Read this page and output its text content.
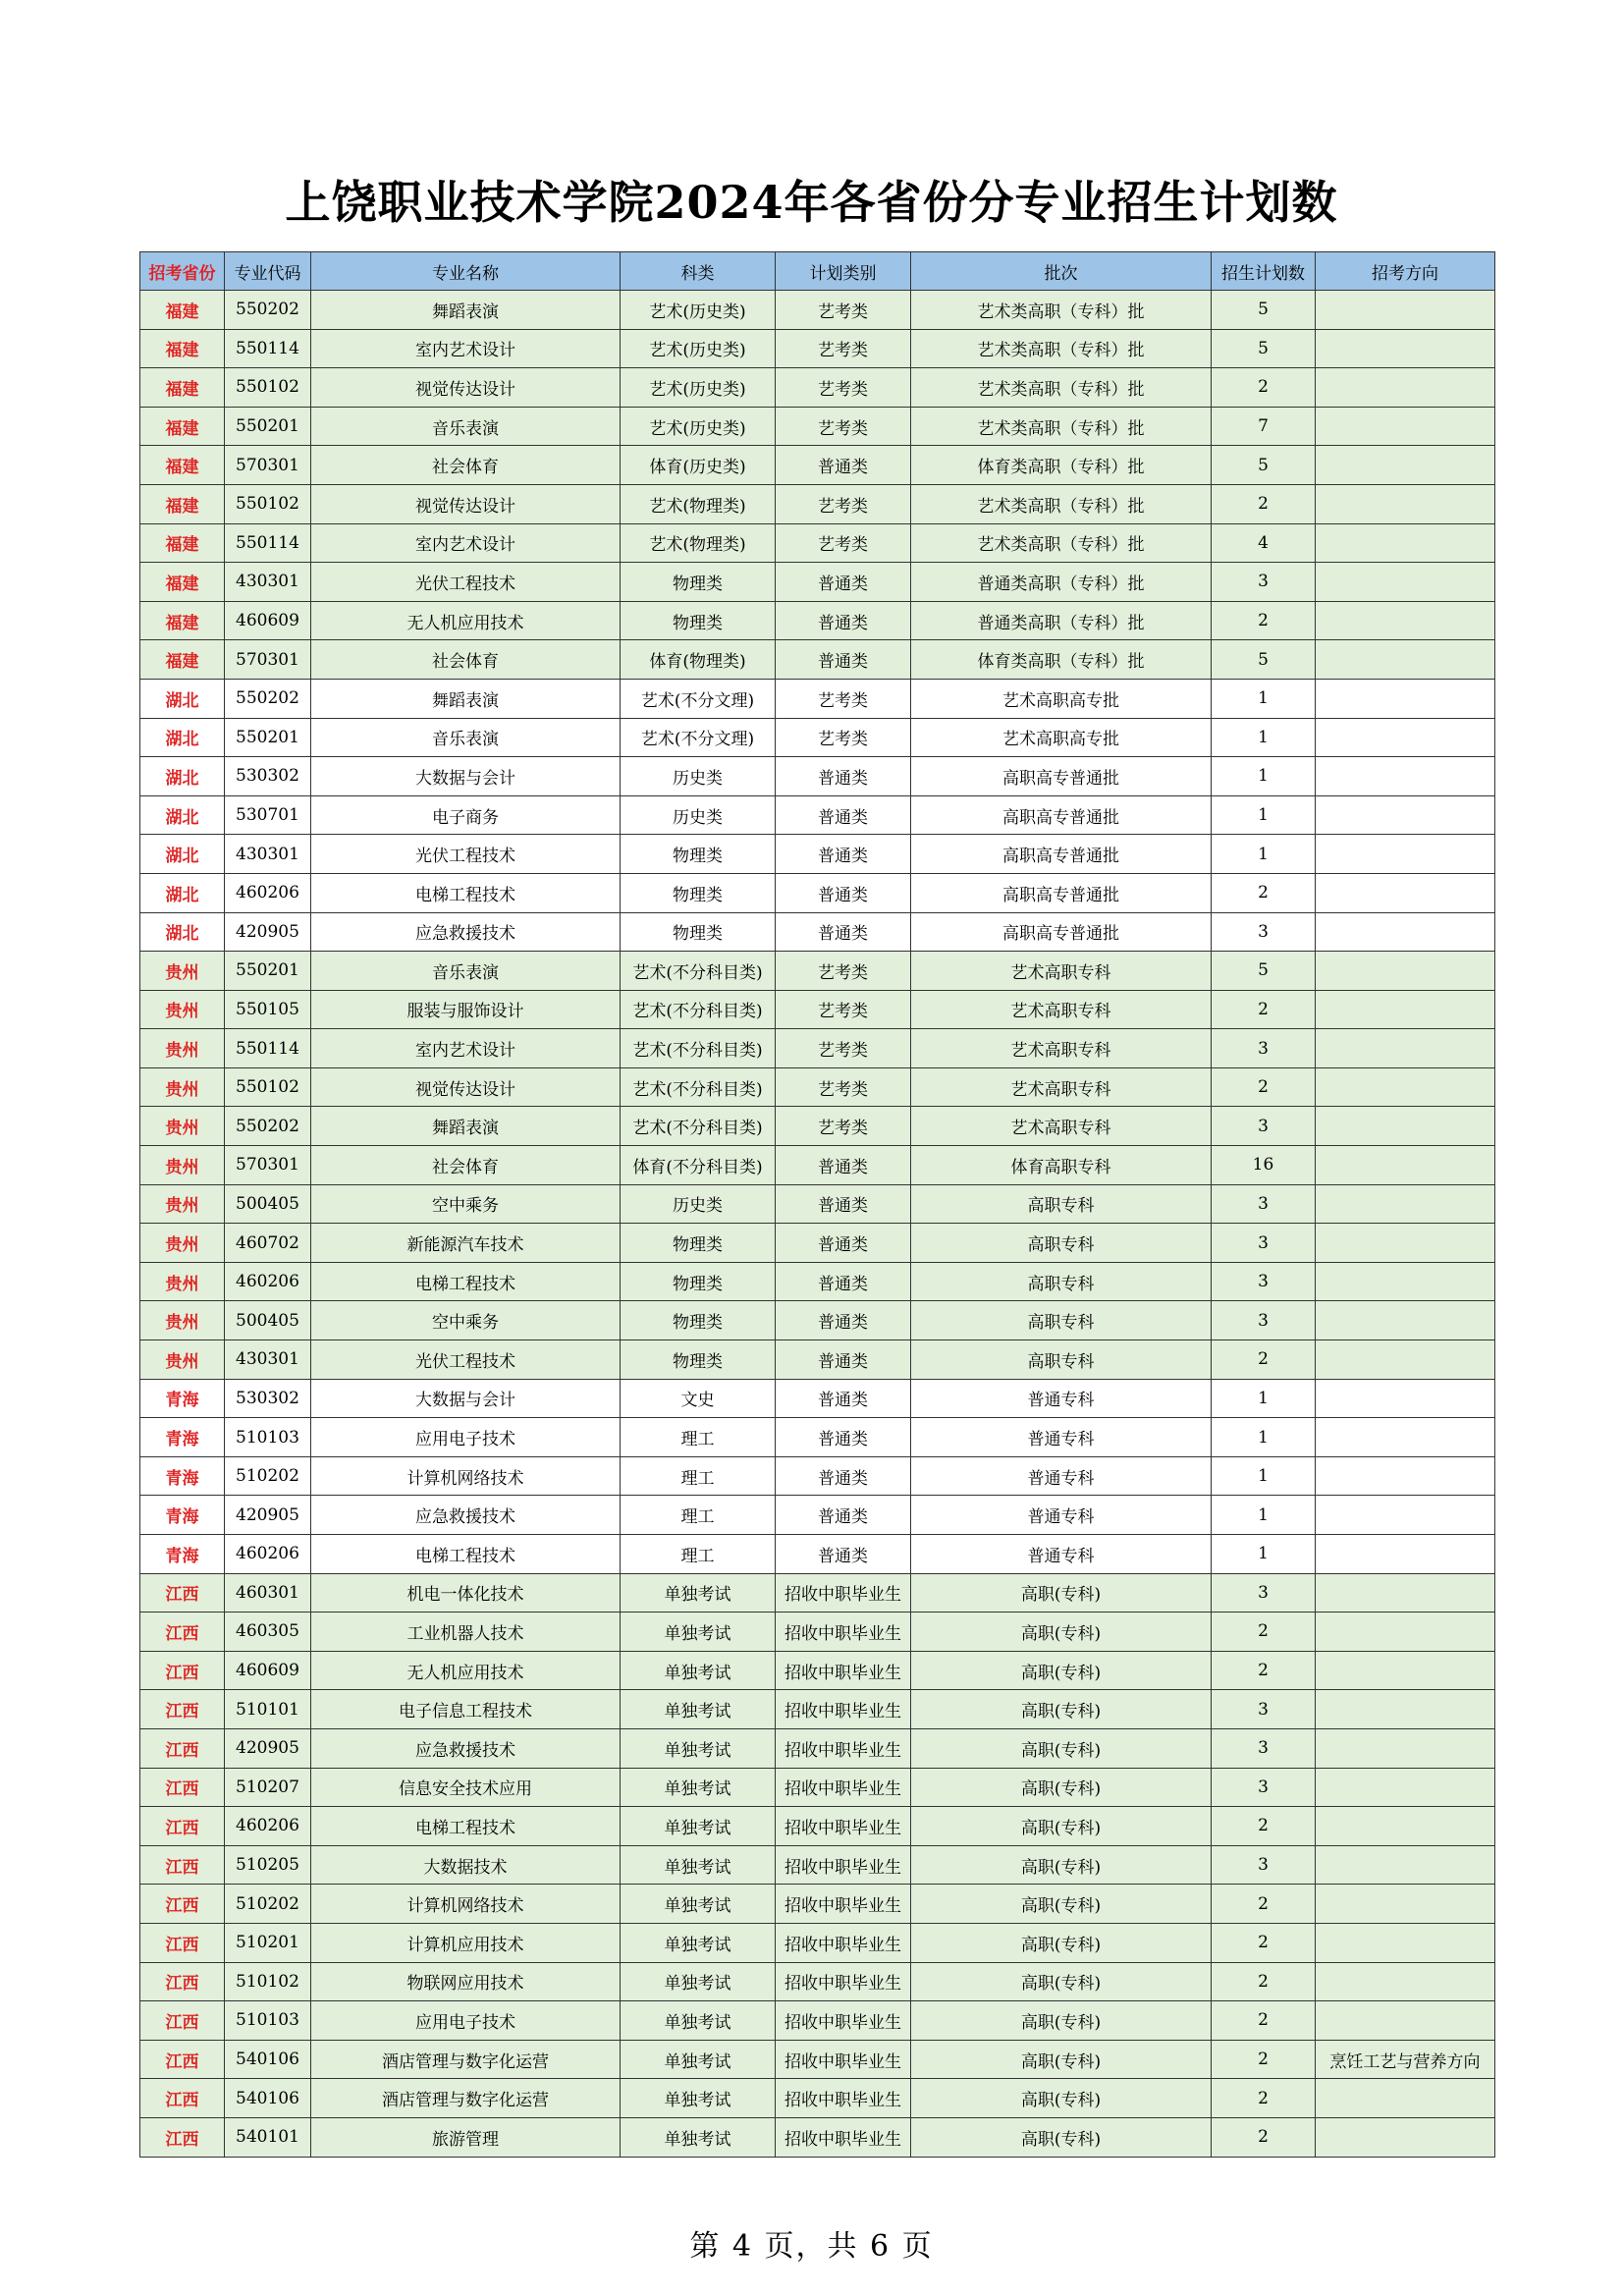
上饶职业技术学院2024年各省份分专业招生计划数
招考省份	专业代码	专业名称	科类	计划类别	批次	招生计划数	招考方向
福建	550202	舞蹈表演	艺术(历史类)	艺考类	艺术类高职（专科）批	5	
福建	550114	室内艺术设计	艺术(历史类)	艺考类	艺术类高职（专科）批	5	
福建	550102	视觉传达设计	艺术(历史类)	艺考类	艺术类高职（专科）批	2	
福建	550201	音乐表演	艺术(历史类)	艺考类	艺术类高职（专科）批	7	
福建	570301	社会体育	体育(历史类)	普通类	体育类高职（专科）批	5	
福建	550102	视觉传达设计	艺术(物理类)	艺考类	艺术类高职（专科）批	2	
福建	550114	室内艺术设计	艺术(物理类)	艺考类	艺术类高职（专科）批	4	
福建	430301	光伏工程技术	物理类	普通类	普通类高职（专科）批	3	
福建	460609	无人机应用技术	物理类	普通类	普通类高职（专科）批	2	
福建	570301	社会体育	体育(物理类)	普通类	体育类高职（专科）批	5	
湖北	550202	舞蹈表演	艺术(不分文理)	艺考类	艺术高职高专批	1	
湖北	550201	音乐表演	艺术(不分文理)	艺考类	艺术高职高专批	1	
湖北	530302	大数据与会计	历史类	普通类	高职高专普通批	1	
湖北	530701	电子商务	历史类	普通类	高职高专普通批	1	
湖北	430301	光伏工程技术	物理类	普通类	高职高专普通批	1	
湖北	460206	电梯工程技术	物理类	普通类	高职高专普通批	2	
湖北	420905	应急救援技术	物理类	普通类	高职高专普通批	3	
贵州	550201	音乐表演	艺术(不分科目类)	艺考类	艺术高职专科	5	
贵州	550105	服装与服饰设计	艺术(不分科目类)	艺考类	艺术高职专科	2	
贵州	550114	室内艺术设计	艺术(不分科目类)	艺考类	艺术高职专科	3	
贵州	550102	视觉传达设计	艺术(不分科目类)	艺考类	艺术高职专科	2	
贵州	550202	舞蹈表演	艺术(不分科目类)	艺考类	艺术高职专科	3	
贵州	570301	社会体育	体育(不分科目类)	普通类	体育高职专科	16	
贵州	500405	空中乘务	历史类	普通类	高职专科	3	
贵州	460702	新能源汽车技术	物理类	普通类	高职专科	3	
贵州	460206	电梯工程技术	物理类	普通类	高职专科	3	
贵州	500405	空中乘务	物理类	普通类	高职专科	3	
贵州	430301	光伏工程技术	物理类	普通类	高职专科	2	
青海	530302	大数据与会计	文史	普通类	普通专科	1	
青海	510103	应用电子技术	理工	普通类	普通专科	1	
青海	510202	计算机网络技术	理工	普通类	普通专科	1	
青海	420905	应急救援技术	理工	普通类	普通专科	1	
青海	460206	电梯工程技术	理工	普通类	普通专科	1	
江西	460301	机电一体化技术	单独考试	招收中职毕业生	高职(专科)	3	
江西	460305	工业机器人技术	单独考试	招收中职毕业生	高职(专科)	2	
江西	460609	无人机应用技术	单独考试	招收中职毕业生	高职(专科)	2	
江西	510101	电子信息工程技术	单独考试	招收中职毕业生	高职(专科)	3	
江西	420905	应急救援技术	单独考试	招收中职毕业生	高职(专科)	3	
江西	510207	信息安全技术应用	单独考试	招收中职毕业生	高职(专科)	3	
江西	460206	电梯工程技术	单独考试	招收中职毕业生	高职(专科)	2	
江西	510205	大数据技术	单独考试	招收中职毕业生	高职(专科)	3	
江西	510202	计算机网络技术	单独考试	招收中职毕业生	高职(专科)	2	
江西	510201	计算机应用技术	单独考试	招收中职毕业生	高职(专科)	2	
江西	510102	物联网应用技术	单独考试	招收中职毕业生	高职(专科)	2	
江西	510103	应用电子技术	单独考试	招收中职毕业生	高职(专科)	2	
江西	540106	酒店管理与数字化运营	单独考试	招收中职毕业生	高职(专科)	2	烹饪工艺与营养方向
江西	540106	酒店管理与数字化运营	单独考试	招收中职毕业生	高职(专科)	2	
江西	540101	旅游管理	单独考试	招收中职毕业生	高职(专科)	2	
第 4 页，共 6 页
